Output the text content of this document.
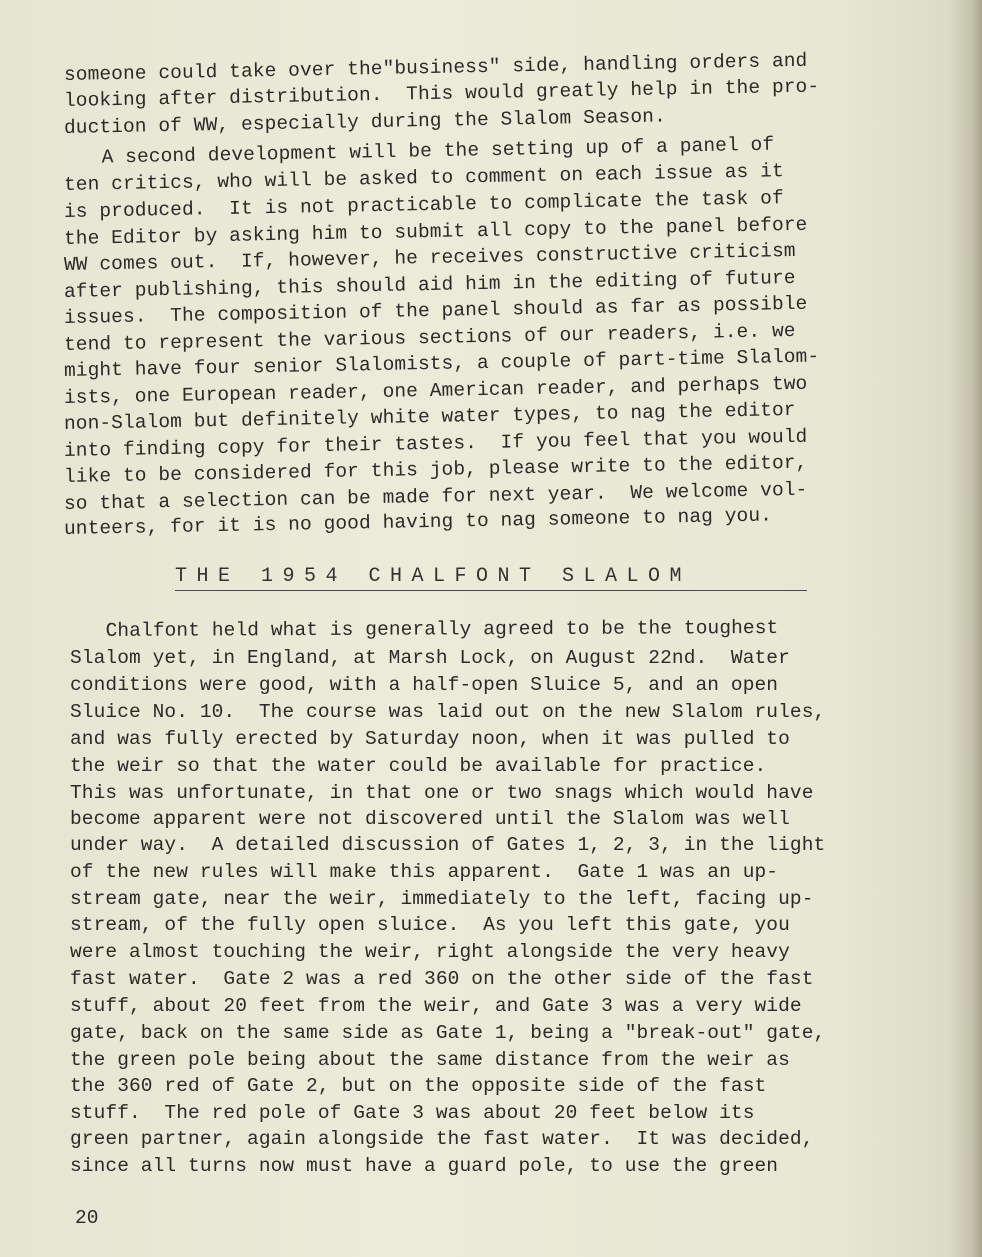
someone could take over the"business" side, handling orders and
looking after distribution.  This would greatly help in the pro-
duction of WW, especially during the Slalom Season.
A second development will be the setting up of a panel of
ten critics, who will be asked to comment on each issue as it
is produced.  It is not practicable to complicate the task of
the Editor by asking him to submit all copy to the panel before
WW comes out.  If, however, he receives constructive criticism
after publishing, this should aid him in the editing of future
issues.  The composition of the panel should as far as possible
tend to represent the various sections of our readers, i.e. we
might have four senior Slalomists, a couple of part-time Slalom-
ists, one European reader, one American reader, and perhaps two
non-Slalom but definitely white water types, to nag the editor
into finding copy for their tastes.  If you feel that you would
like to be considered for this job, please write to the editor,
so that a selection can be made for next year.  We welcome vol-
unteers, for it is no good having to nag someone to nag you.
THE 1954 CHALFONT SLALOM
Chalfont held what is generally agreed to be the toughest
Slalom yet, in England, at Marsh Lock, on August 22nd.  Water
conditions were good, with a half-open Sluice 5, and an open
Sluice No. 10.  The course was laid out on the new Slalom rules,
and was fully erected by Saturday noon, when it was pulled to
the weir so that the water could be available for practice.
This was unfortunate, in that one or two snags which would have
become apparent were not discovered until the Slalom was well
under way.  A detailed discussion of Gates 1, 2, 3, in the light
of the new rules will make this apparent.  Gate 1 was an up-
stream gate, near the weir, immediately to the left, facing up-
stream, of the fully open sluice.  As you left this gate, you
were almost touching the weir, right alongside the very heavy
fast water.  Gate 2 was a red 360 on the other side of the fast
stuff, about 20 feet from the weir, and Gate 3 was a very wide
gate, back on the same side as Gate 1, being a "break-out" gate,
the green pole being about the same distance from the weir as
the 360 red of Gate 2, but on the opposite side of the fast
stuff.  The red pole of Gate 3 was about 20 feet below its
green partner, again alongside the fast water.  It was decided,
since all turns now must have a guard pole, to use the green
20
